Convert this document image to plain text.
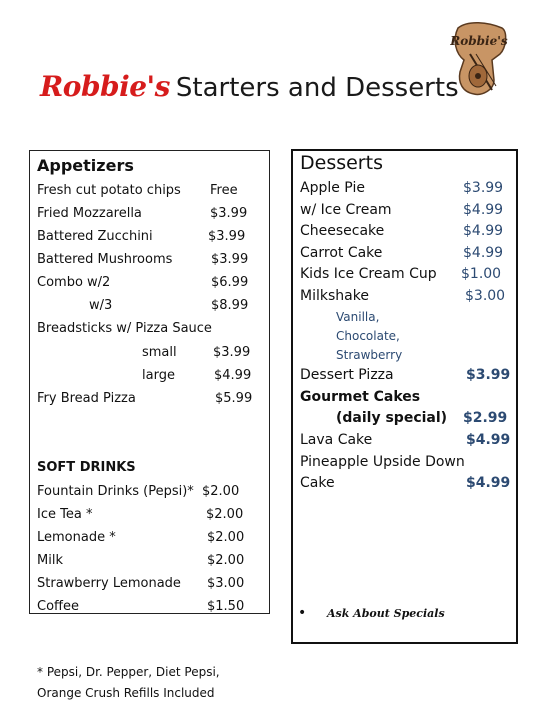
Robbie's
Robbie's Starters and Desserts
Appetizers
Fresh cut potato chips Free
Fried Mozzarella	$3.99
Battered Zucchini	$3.99
Battered Mushrooms	$3.99
Combo w/2	$6.99
w/3	$8.99
Breadsticks w/ Pizza Sauce
small	$3.99
large	$4.99
Fry Bread Pizza	$5.99
SOFT DRINKS
Fountain Drinks (Pepsi)* $2.00
Ice Tea *	$2.00
Lemonade *	$2.00
Milk	$2.00
Strawberry Lemonade $3.00
Coffee	$1.50
Desserts
Apple Pie	$3.99
w/ Ice Cream	$4.99
Cheesecake	$4.99
Carrot Cake	$4.99
Kids Ice Cream Cup $1.00
Milkshake	$3.00
Vanilla,
Chocolate,
Strawberry
Dessert Pizza	$3.99
Gourmet Cakes
(daily special) $2.99
Lava Cake	$4.99
Pineapple Upside Down
Cake	$4.99
• Ask About Specials
* Pepsi, Dr. Pepper, Diet Pepsi,
Orange Crush Refills Included
